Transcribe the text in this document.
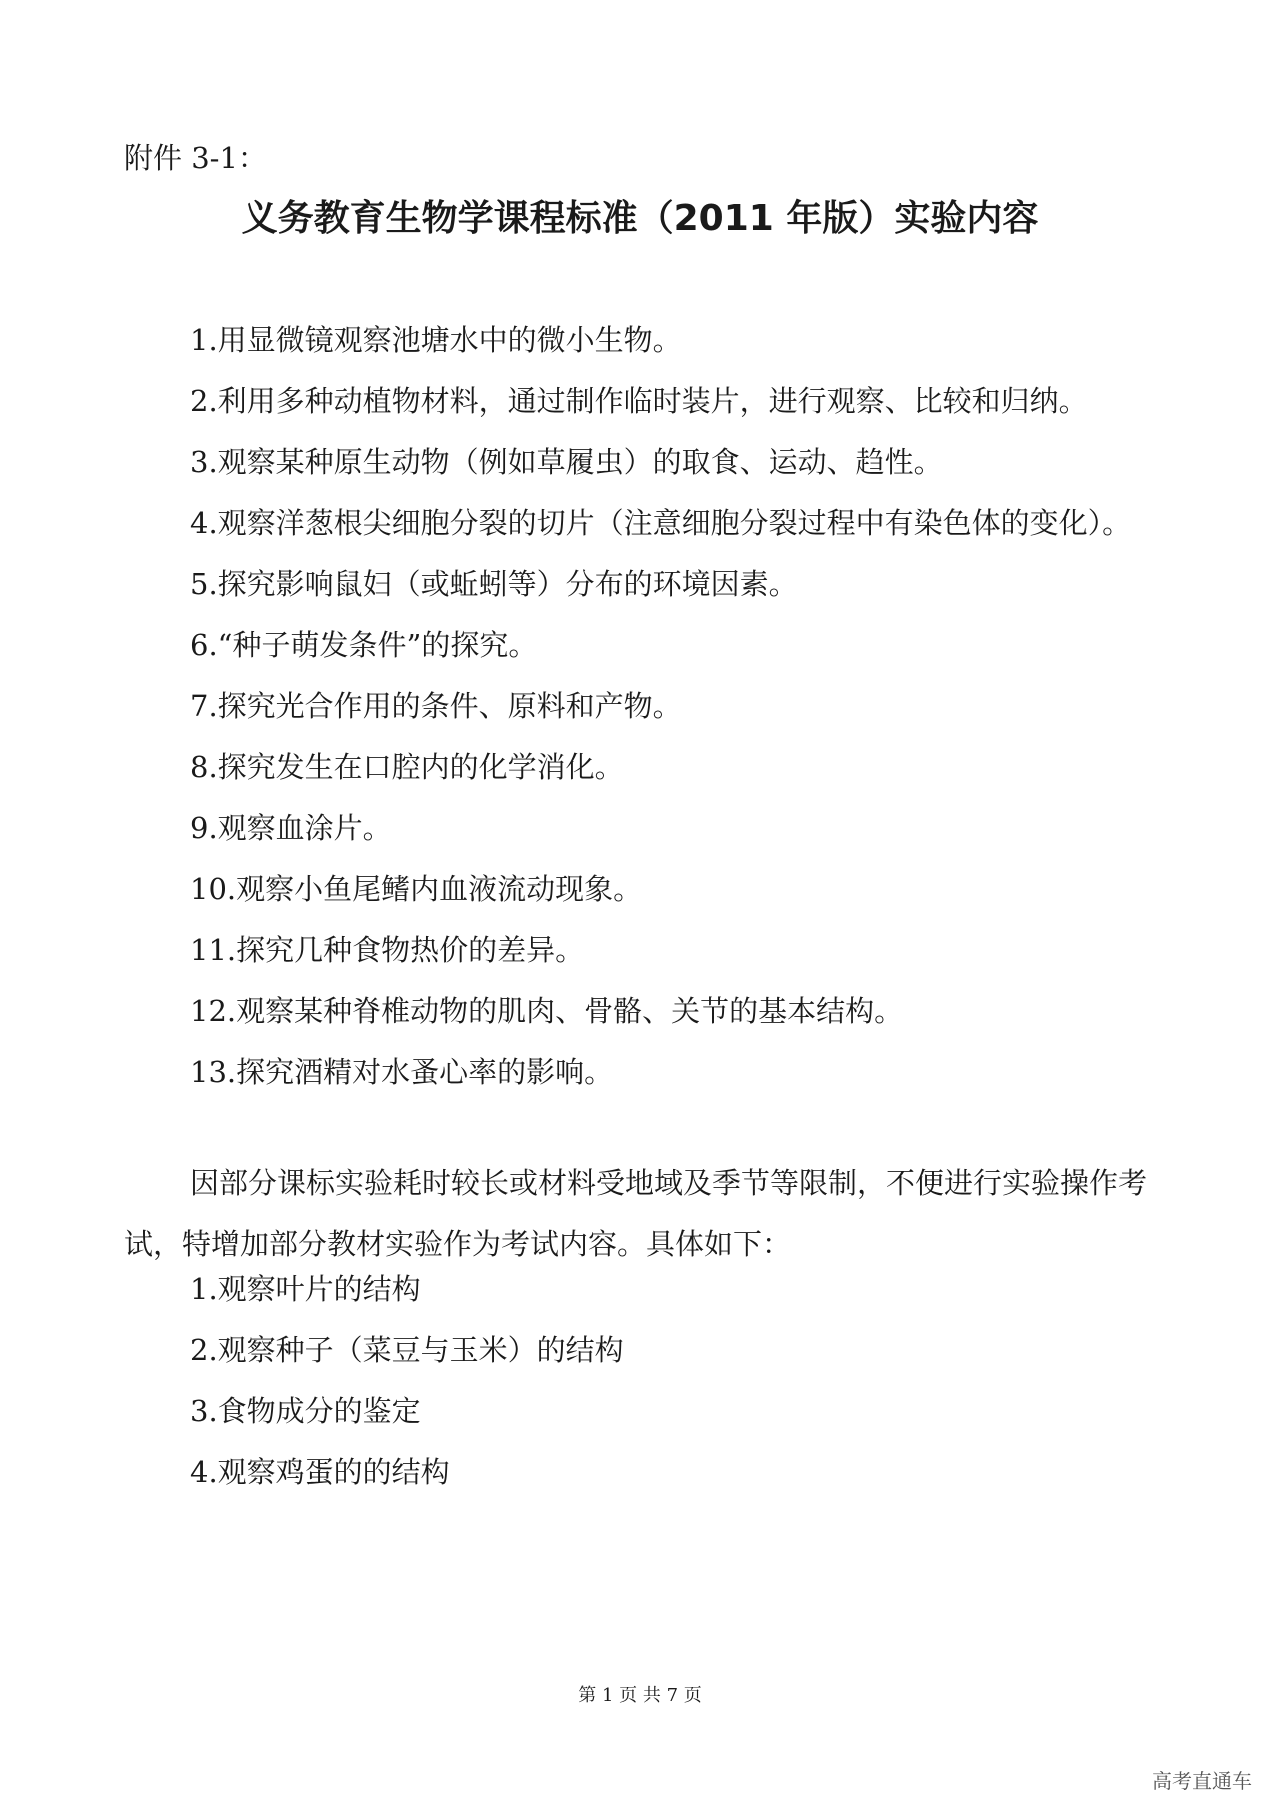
附件 3-1：
义务教育生物学课程标准（2011 年版）实验内容
1.用显微镜观察池塘水中的微小生物。
2.利用多种动植物材料，通过制作临时装片，进行观察、比较和归纳。
3.观察某种原生动物（例如草履虫）的取食、运动、趋性。
4.观察洋葱根尖细胞分裂的切片（注意细胞分裂过程中有染色体的变化）。
5.探究影响鼠妇（或蚯蚓等）分布的环境因素。
6.“种子萌发条件”的探究。
7.探究光合作用的条件、原料和产物。
8.探究发生在口腔内的化学消化。
9.观察血涂片。
10.观察小鱼尾鳍内血液流动现象。
11.探究几种食物热价的差异。
12.观察某种脊椎动物的肌肉、骨骼、关节的基本结构。
13.探究酒精对水蚤心率的影响。

因部分课标实验耗时较长或材料受地域及季节等限制，不便进行实验操作考试，特增加部分教材实验作为考试内容。具体如下：

1.观察叶片的结构
2.观察种子（菜豆与玉米）的结构
3.食物成分的鉴定
4.观察鸡蛋的的结构
第 1 页 共 7 页
高考直通车
